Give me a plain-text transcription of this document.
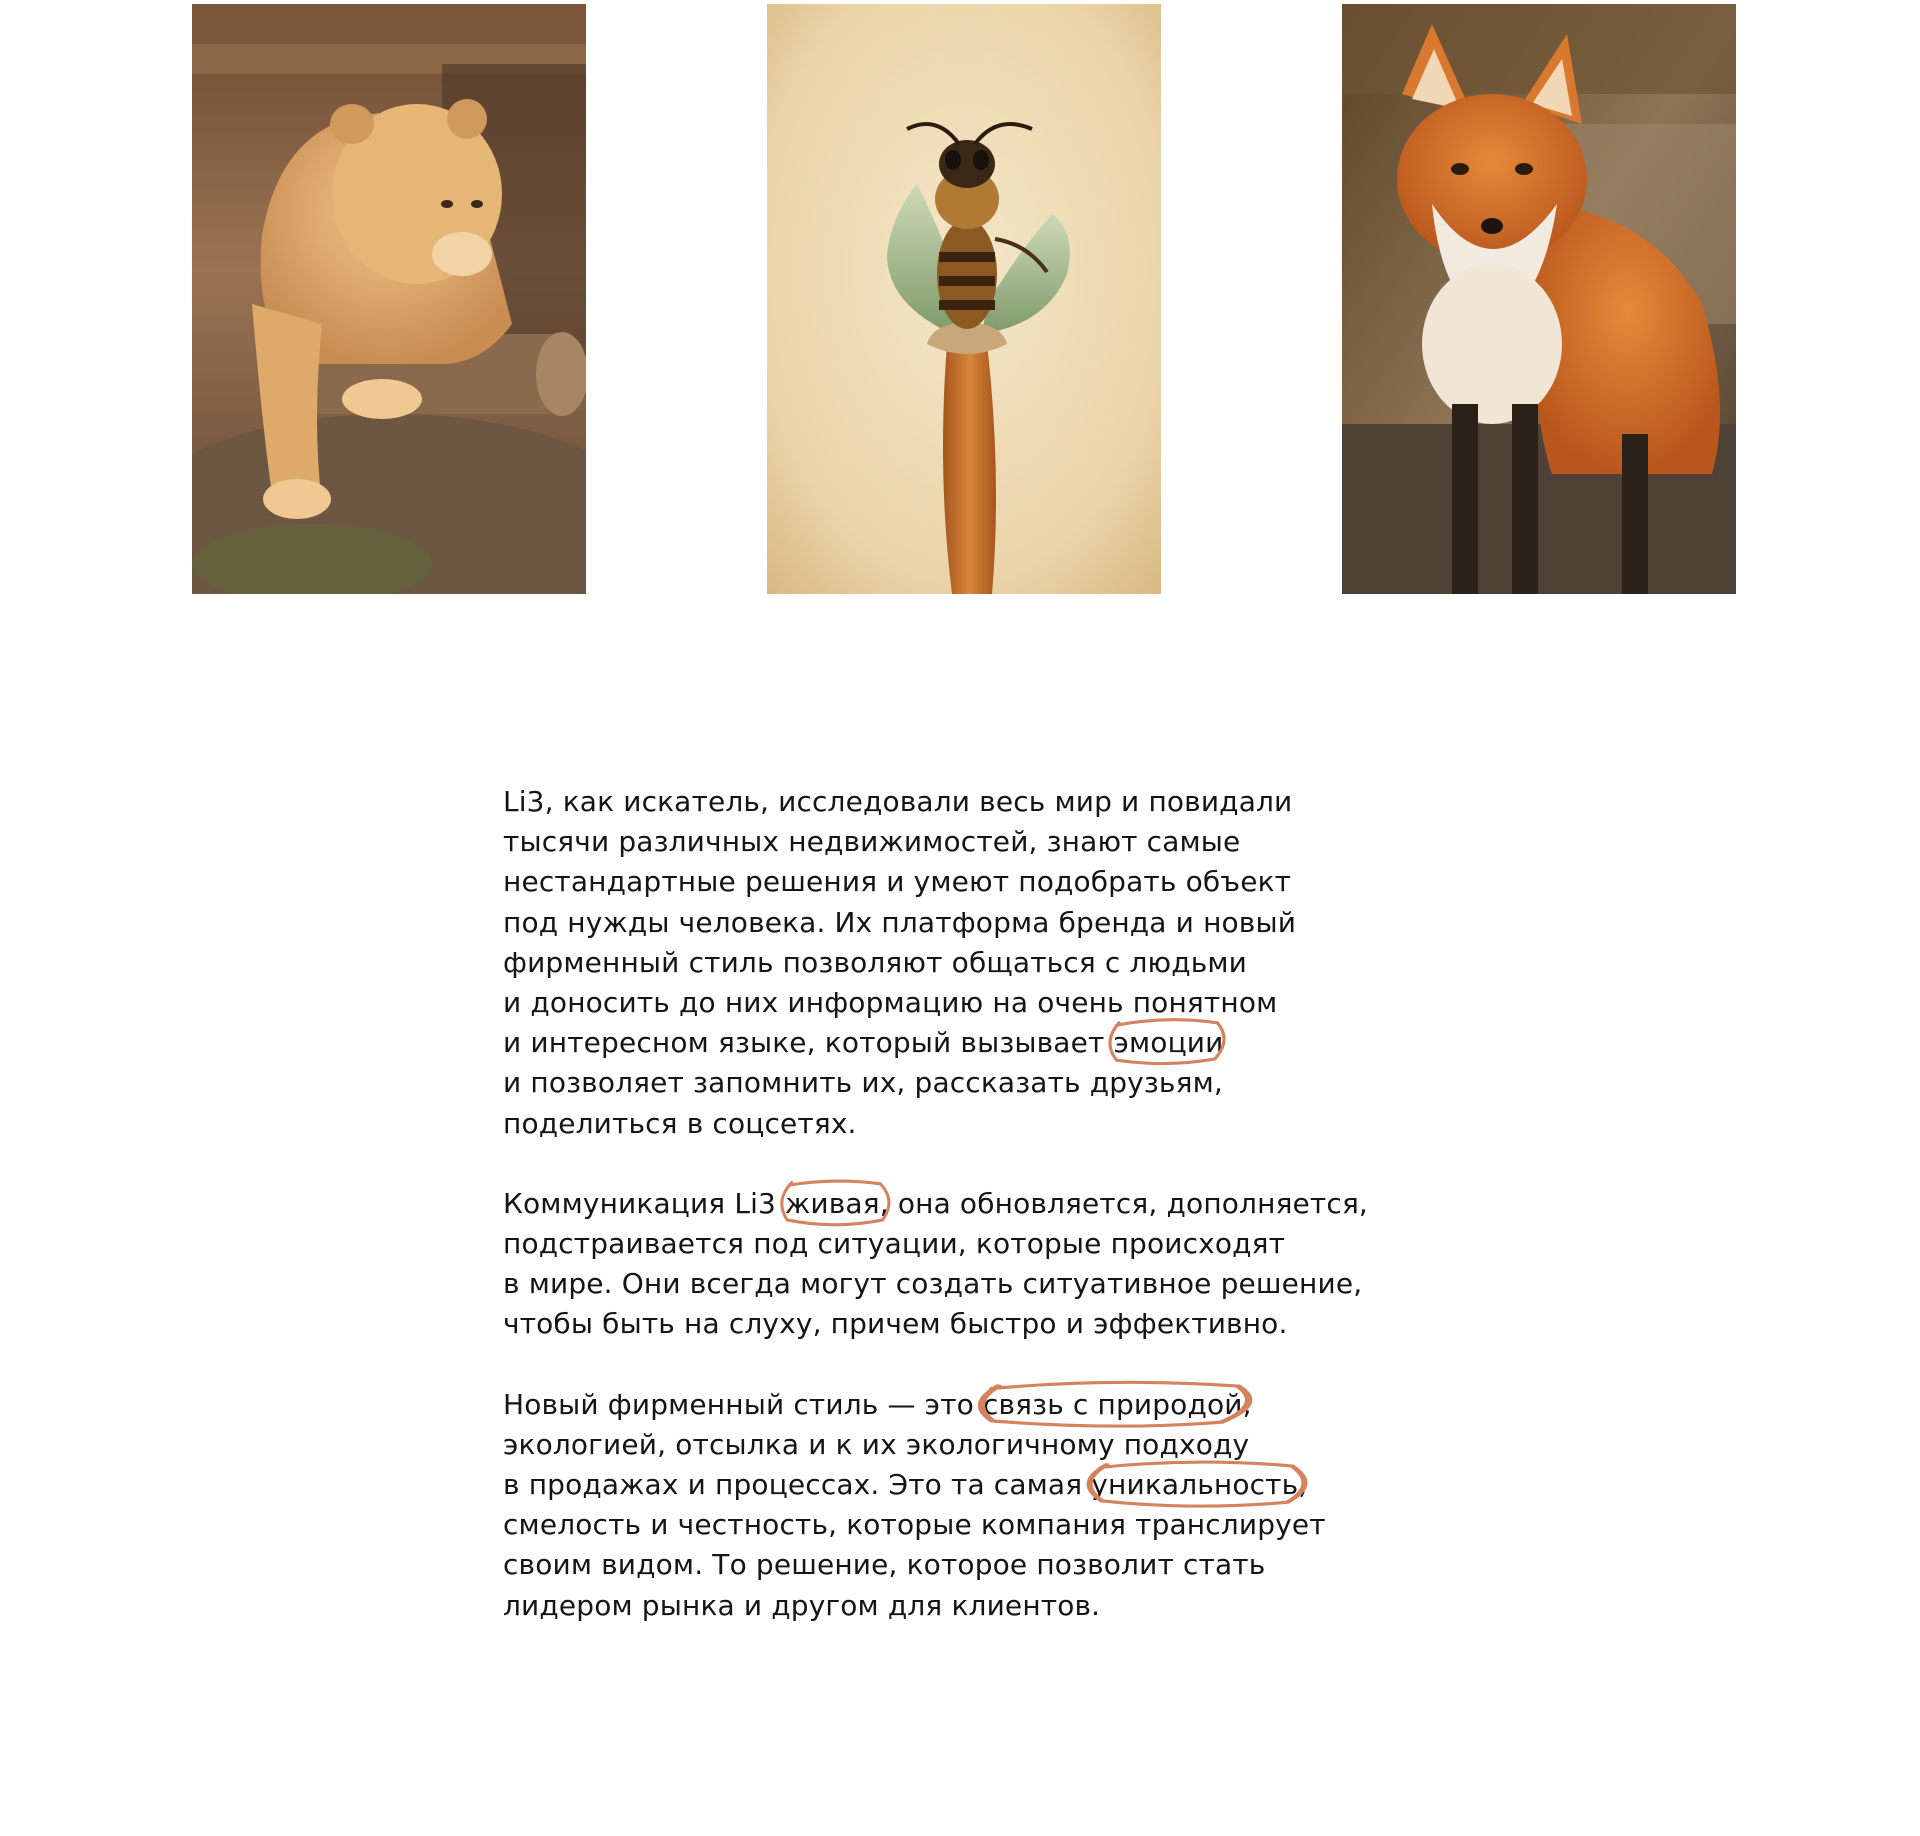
Li3, как искатель, исследовали весь мир и повидали
тысячи различных недвижимостей, знают самые
нестандартные решения и умеют подобрать объект
под нужды человека. Их платформа бренда и новый
фирменный стиль позволяют общаться с людьми
и доносить до них информацию на очень понятном
и интересном языке, который вызывает эмоции
и позволяет запомнить их, рассказать друзьям,
поделиться в соцсетях.
Коммуникация Li3 живая,
она обновляется, дополняется,
подстраивается под ситуации, которые происходят
в мире. Они всегда могут создать ситуативное решение,
чтобы быть на слуху, причем быстро и эффективно.
Новый фирменный стиль — это связь с природой,
экологией, отсылка и к их экологичному подходу
в продажах и процессах. Это та самая уникальность,
смелость и честность, которые компания транслирует
своим видом. То решение, которое позволит стать
лидером рынка и другом для клиентов.
